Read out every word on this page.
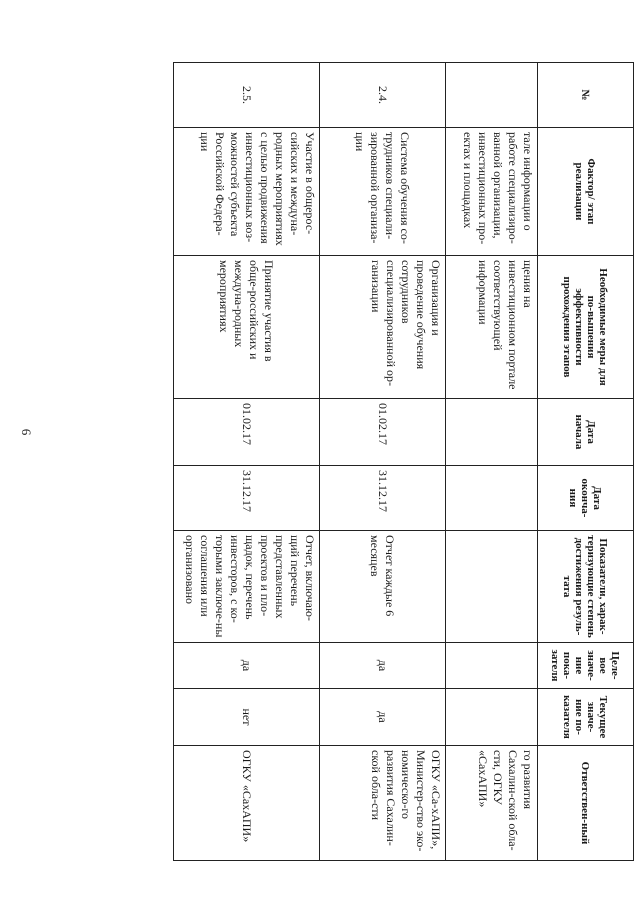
6
№	Фактор/ этап реализации	Необходимые меры для по-вышения эффективности прохождения этапов	Дата начала	Дата оконча-ния	Показатели, харак-теризующие степень достижения резуль-тата	Целе-вое значе-ние пока-зателя	Текущее значе-ние по-казателя	Ответствен-ный
	тале информации о работе специализиро-ванной организации, инвестиционных про-ектах и площадках	щения на инвестиционном портале соответствующей информации						го развития Сахалин-ской обла-сти, ОГКУ «СахАПИ»
2.4.	Система обучения со-трудников специали-зированной организа-ции	Организация и проведение обучения сотрудников специализированной ор-ганизации	01.02.17	31.12.17	Отчет каждые 6 месяцев	да	да	ОГКУ «Са-хАПИ», Министер-ство эко-номическо-го развития Сахалин-ской обла-сти
2.5.	Участие в общерос-сийских и междуна-родных мероприятиях с целью продвижения инвестиционных воз-можностей субъекта Российской Федера-ции	Принятие участия в обще-российских и междуна-родных мероприятиях	01.02.17	31.12.17	Отчет, включаю-щий перечень представленных проектов и пло-щадок, перечень инвесторов, с ко-торыми заключе-ны соглашения или организовано	да	нет	ОГКУ «СахАПИ»
